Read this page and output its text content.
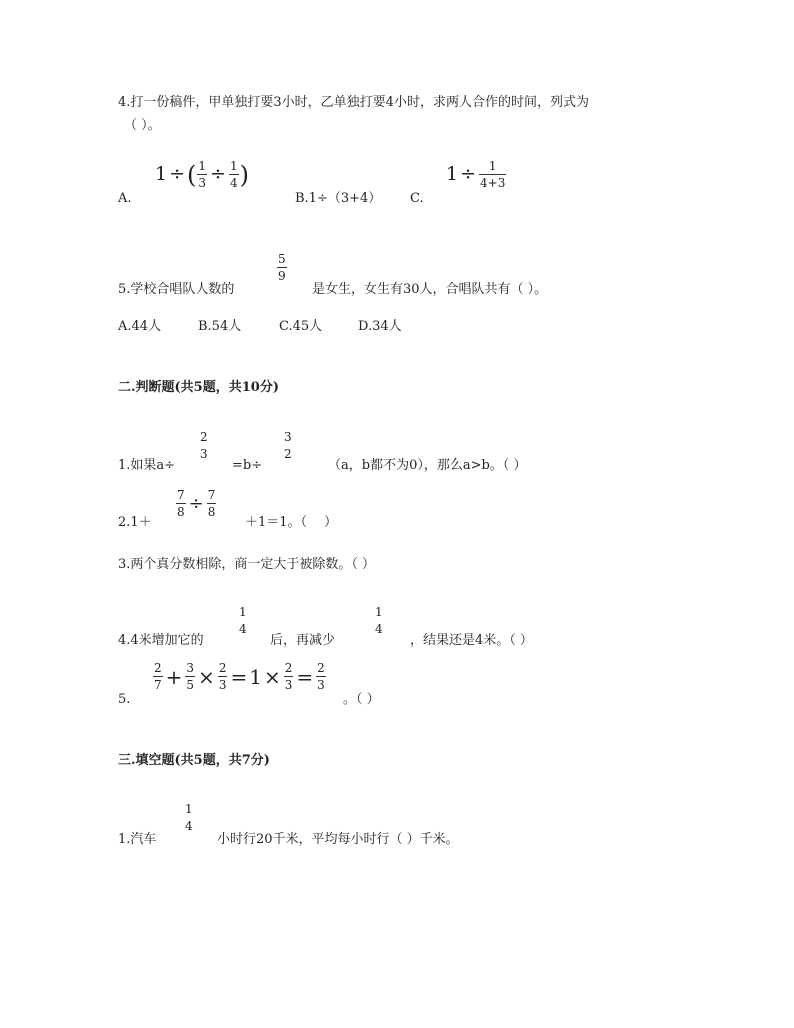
4.打一份稿件，甲单独打要3小时，乙单独打要4小时，求两人合作的时间，列式为
（ ）。
A.
1 ÷ ( $\frac{1}{3} \div \frac{1}{4}$ )
B.1÷（3+4） C.
$1 \div \frac{1}{4+3}$
5
9
5.学校合唱队人数的	是女生，女生有30人，合唱队共有（ ）。
A.44人	B.54人	C.45人	D.34人
二.判断题(共5题，共10分)
2
3
3
2
1.如果a÷	=b÷	（a，b都不为0），那么a>b。（ ）
2.1＋
$\frac{7}{8} \div \frac{7}{8}$
＋1＝1。（　 ）
3.两个真分数相除，商一定大于被除数。（ ）
1
4
1
4
4.4米增加它的	后，再减少	，结果还是4米。（ ）
5.
$\frac{2}{7} + \frac{3}{5} \times \frac{2}{3} = 1 \times \frac{2}{3} = \frac{2}{3}$
。（ ）
三.填空题(共5题，共7分)
1
4
1.汽车	小时行20千米，平均每小时行（ ）千米。
